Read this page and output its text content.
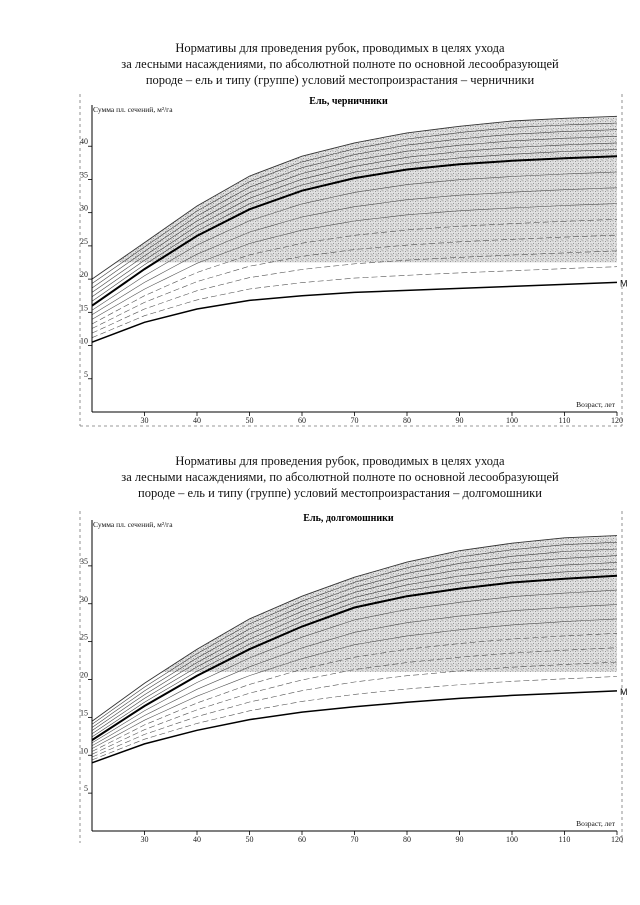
Нормативы для проведения рубок, проводимых в целях ухода
за лесными насаждениями, по абсолютной полноте по основной лесообразующей
породе – ель и типу (группе) условий местопроизрастания – черничники
M
5
10
15
20
25
30
35
40
30	40	50	60	70	80	90	100	110	120
Сумма пл. сечений, м²/га
Возраст, лет
Ель, черничники
Нормативы для проведения рубок, проводимых в целях ухода
за лесными насаждениями, по абсолютной полноте по основной лесообразующей
породе – ель и типу (группе) условий местопроизрастания – долгомошники
M
5
10
15
20
25
30
35
30	40	50	60	70	80	90	100	110	120
Сумма пл. сечений, м²/га
Возраст, лет
Ель, долгомошники
